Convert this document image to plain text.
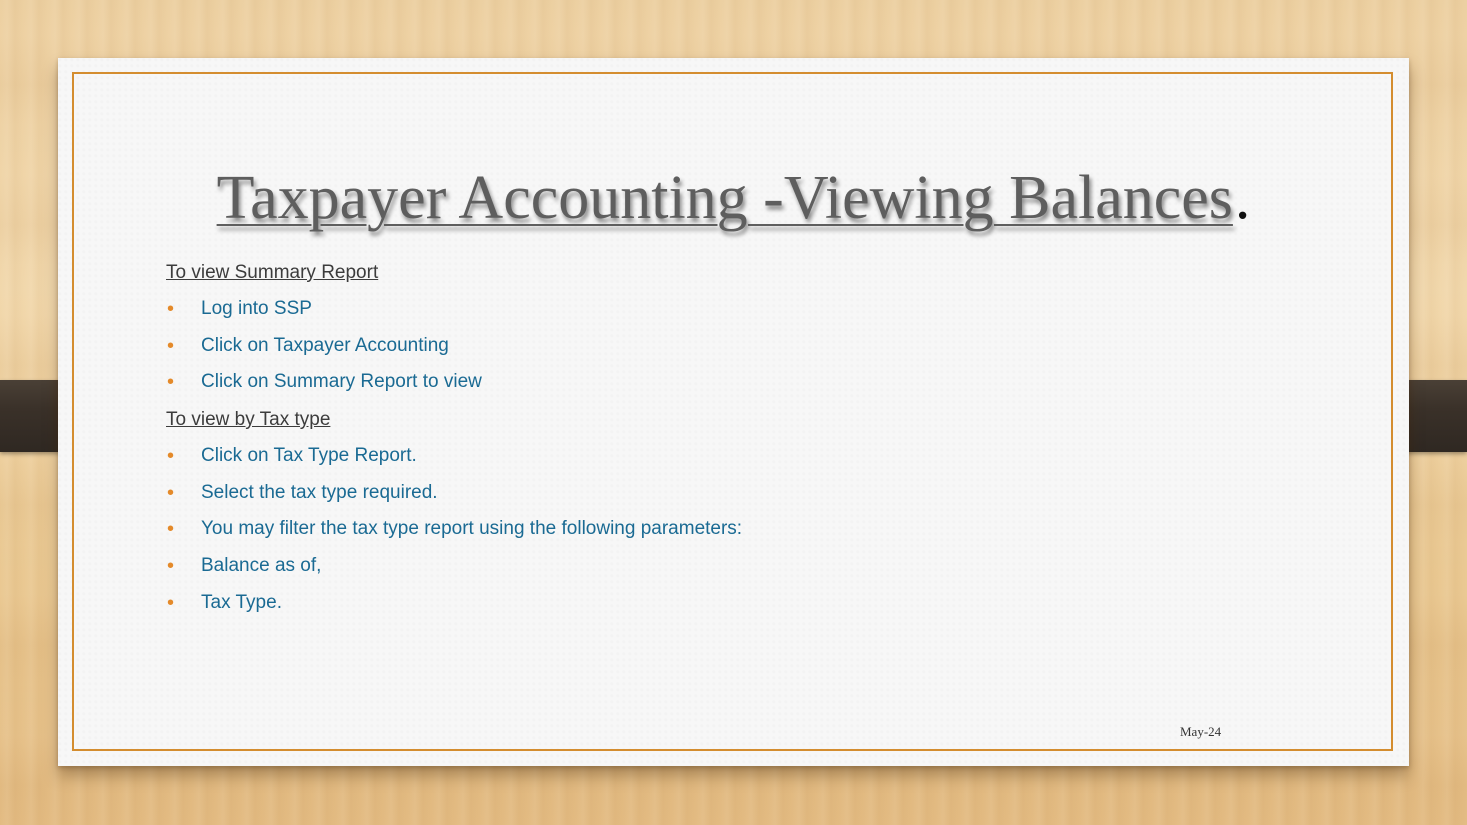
Taxpayer Accounting -Viewing Balances.
To view Summary Report
• Log into SSP
• Click on Taxpayer Accounting
• Click on Summary Report to view
To view by Tax type
• Click on Tax Type Report.
• Select the tax type required.
• You may filter the tax type report using the following parameters:
• Balance as of,
• Tax Type.
May-24
